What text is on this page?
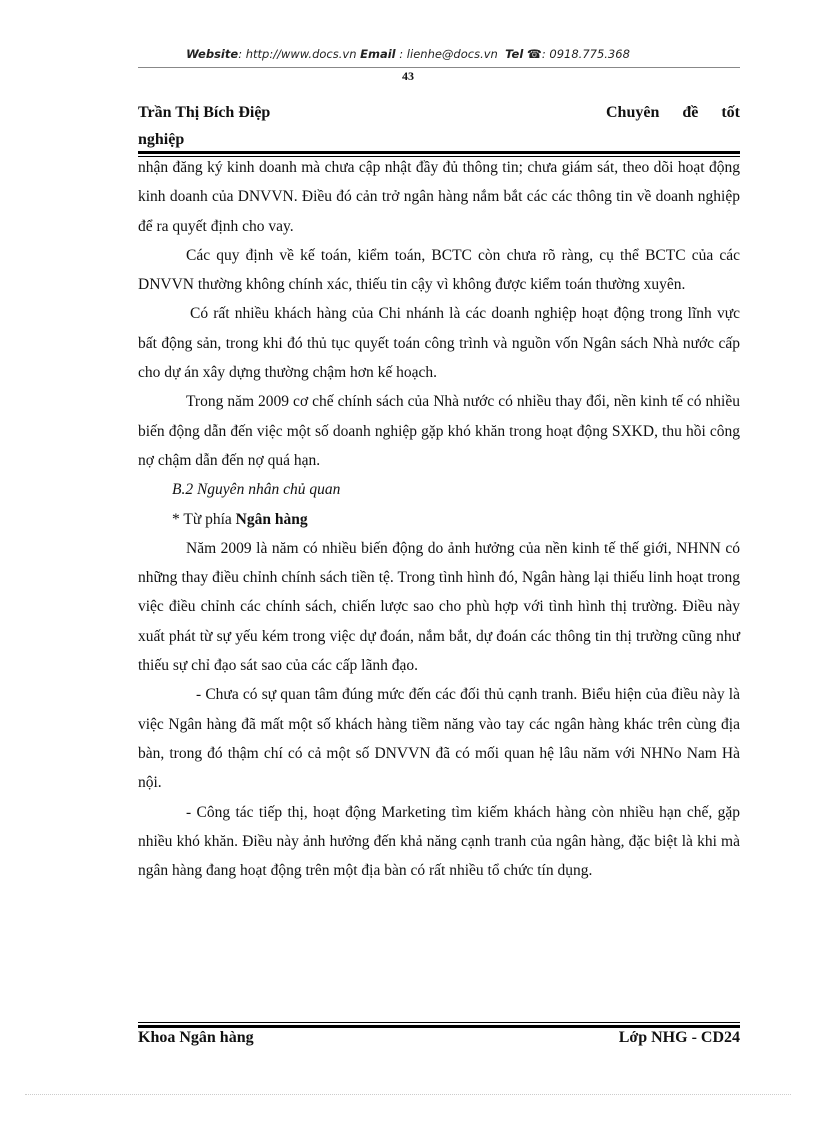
Website: http://www.docs.vn Email : lienhe@docs.vn Tel ☎: 0918.775.368
43
Trần Thị Bích Điệp	Chuyên đề tốt
nghiệp

nhận đăng ký kinh doanh mà chưa cập nhật đầy đủ thông tin; chưa giám sát, theo dõi hoạt động kinh doanh của DNVVN. Điều đó cản trở ngân hàng nắm bắt các các thông tin về doanh nghiệp để ra quyết định cho vay.

Các quy định về kế toán, kiểm toán, BCTC còn chưa rõ ràng, cụ thể BCTC của các DNVVN thường không chính xác, thiếu tin cậy vì không được kiểm toán thường xuyên.

Có rất nhiều khách hàng của Chi nhánh là các doanh nghiệp hoạt động trong lĩnh vực bất động sản, trong khi đó thủ tục quyết toán công trình và nguồn vốn Ngân sách Nhà nước cấp cho dự án xây dựng thường chậm hơn kế hoạch.

Trong năm 2009 cơ chế chính sách của Nhà nước có nhiều thay đổi, nền kinh tế có nhiều biến động dẫn đến việc một số doanh nghiệp gặp khó khăn trong hoạt động SXKD, thu hồi công nợ chậm dẫn đến nợ quá hạn.

B.2 Nguyên nhân chủ quan

* Từ phía Ngân hàng

Năm 2009 là năm có nhiều biến động do ảnh hưởng của nền kinh tế thế giới, NHNN có những thay điều chỉnh chính sách tiền tệ. Trong tình hình đó, Ngân hàng lại thiếu linh hoạt trong việc điều chỉnh các chính sách, chiến lược sao cho phù hợp với tình hình thị trường. Điều này xuất phát từ sự yếu kém trong việc dự đoán, nắm bắt, dự đoán các thông tin thị trường cũng như thiếu sự chỉ đạo sát sao của các cấp lãnh đạo.

- Chưa có sự quan tâm đúng mức đến các đối thủ cạnh tranh. Biểu hiện của điều này là việc Ngân hàng đã mất một số khách hàng tiềm năng vào tay các ngân hàng khác trên cùng địa bàn, trong đó thậm chí có cả một số DNVVN đã có mối quan hệ lâu năm với NHNo Nam Hà nội.

- Công tác tiếp thị, hoạt động Marketing tìm kiếm khách hàng còn nhiều hạn chế, gặp nhiều khó khăn. Điều này ảnh hưởng đến khả năng cạnh tranh của ngân hàng, đặc biệt là khi mà ngân hàng đang hoạt động trên một địa bàn có rất nhiều tổ chức tín dụng.

Khoa Ngân hàng	Lớp NHG - CD24
